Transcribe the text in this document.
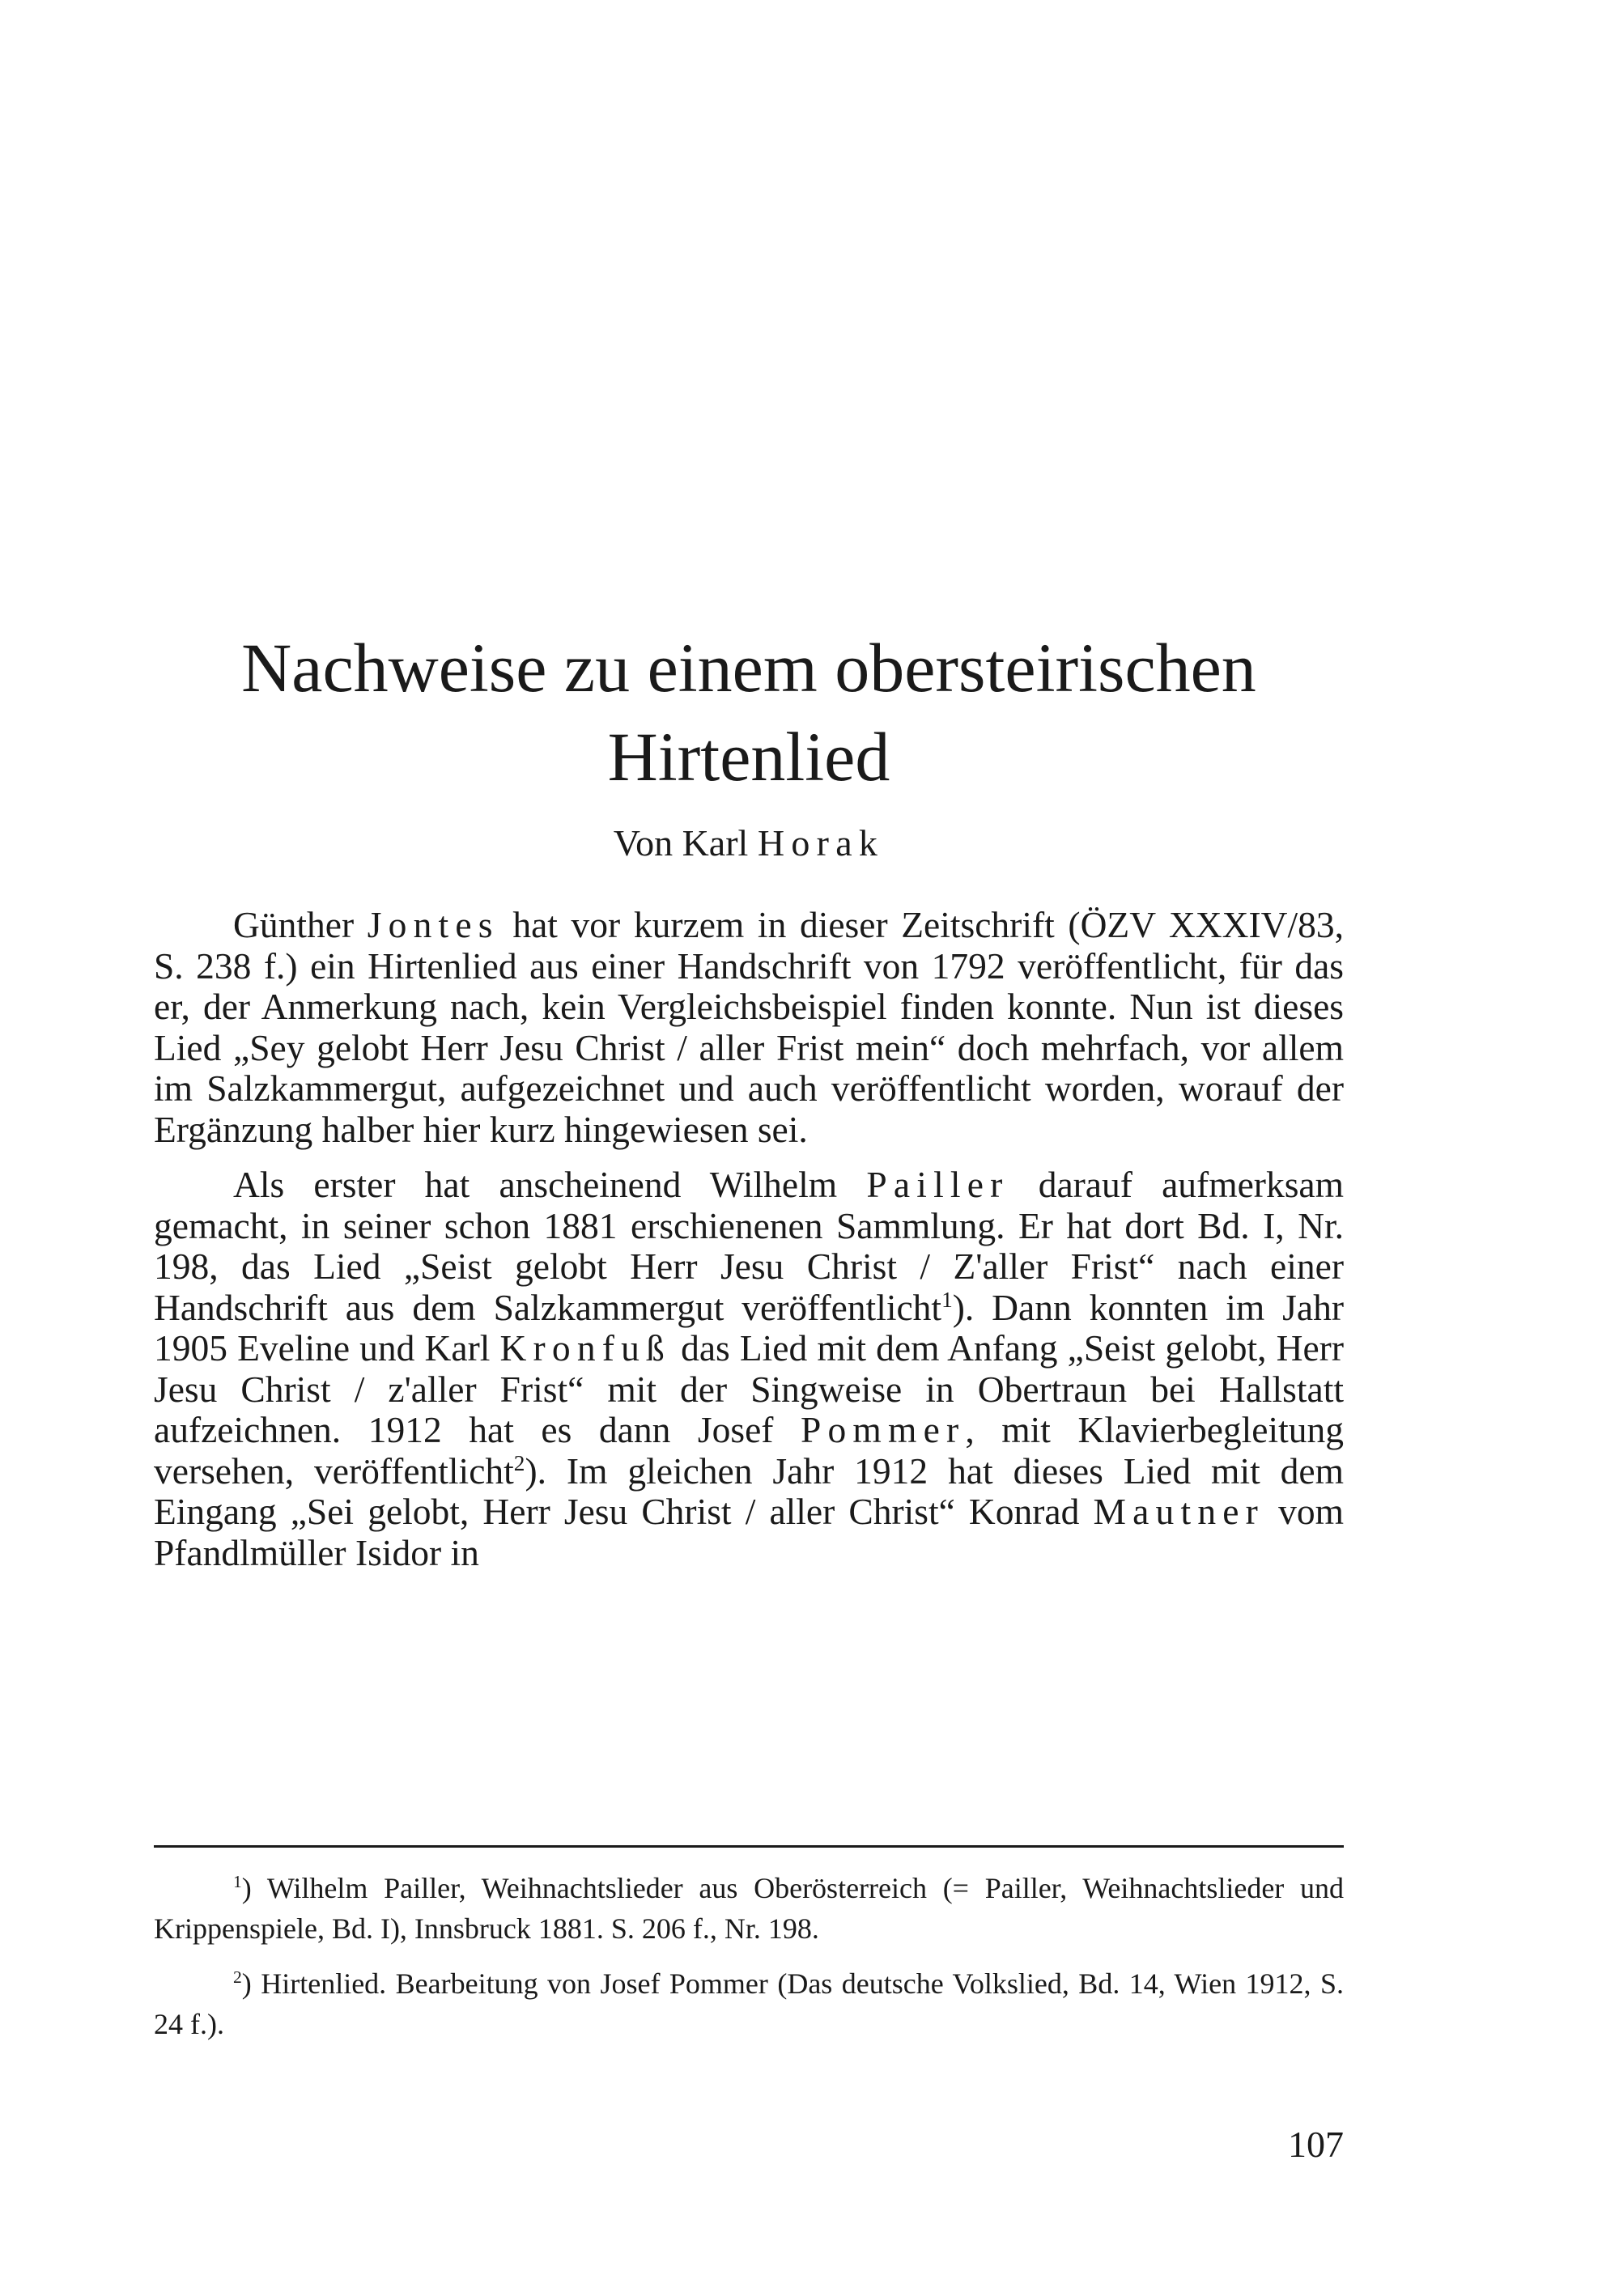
Nachweise zu einem obersteirischen
Hirtenlied
Von Karl Horak

Günther Jontes hat vor kurzem in dieser Zeitschrift (ÖZV XXXIV/83, S. 238 f.) ein Hirtenlied aus einer Handschrift von 1792 veröffentlicht, für das er, der Anmerkung nach, kein Vergleichsbeispiel finden konnte. Nun ist dieses Lied „Sey gelobt Herr Jesu Christ / aller Frist mein“ doch mehrfach, vor allem im Salzkammergut, aufgezeichnet und auch veröffentlicht worden, worauf der Ergänzung halber hier kurz hingewiesen sei.

Als erster hat anscheinend Wilhelm Pailler darauf aufmerksam gemacht, in seiner schon 1881 erschienenen Sammlung. Er hat dort Bd. I, Nr. 198, das Lied „Seist gelobt Herr Jesu Christ / Z'aller Frist“ nach einer Handschrift aus dem Salzkammergut veröffentlicht$^1$). Dann konnten im Jahr 1905 Eveline und Karl Kronfuß das Lied mit dem Anfang „Seist gelobt, Herr Jesu Christ / z'aller Frist“ mit der Singweise in Obertraun bei Hallstatt aufzeichnen. 1912 hat es dann Josef Pommer, mit Klavierbegleitung versehen, veröffentlicht$^2$). Im gleichen Jahr 1912 hat dieses Lied mit dem Eingang „Sei gelobt, Herr Jesu Christ / aller Christ“ Konrad Mautner vom Pfandlmüller Isidor in

$^1$) Wilhelm Pailler, Weihnachtslieder aus Oberösterreich (= Pailler, Weihnachtslieder und Krippenspiele, Bd. I), Innsbruck 1881. S. 206 f., Nr. 198.

$^2$) Hirtenlied. Bearbeitung von Josef Pommer (Das deutsche Volkslied, Bd. 14, Wien 1912, S. 24 f.).

107
